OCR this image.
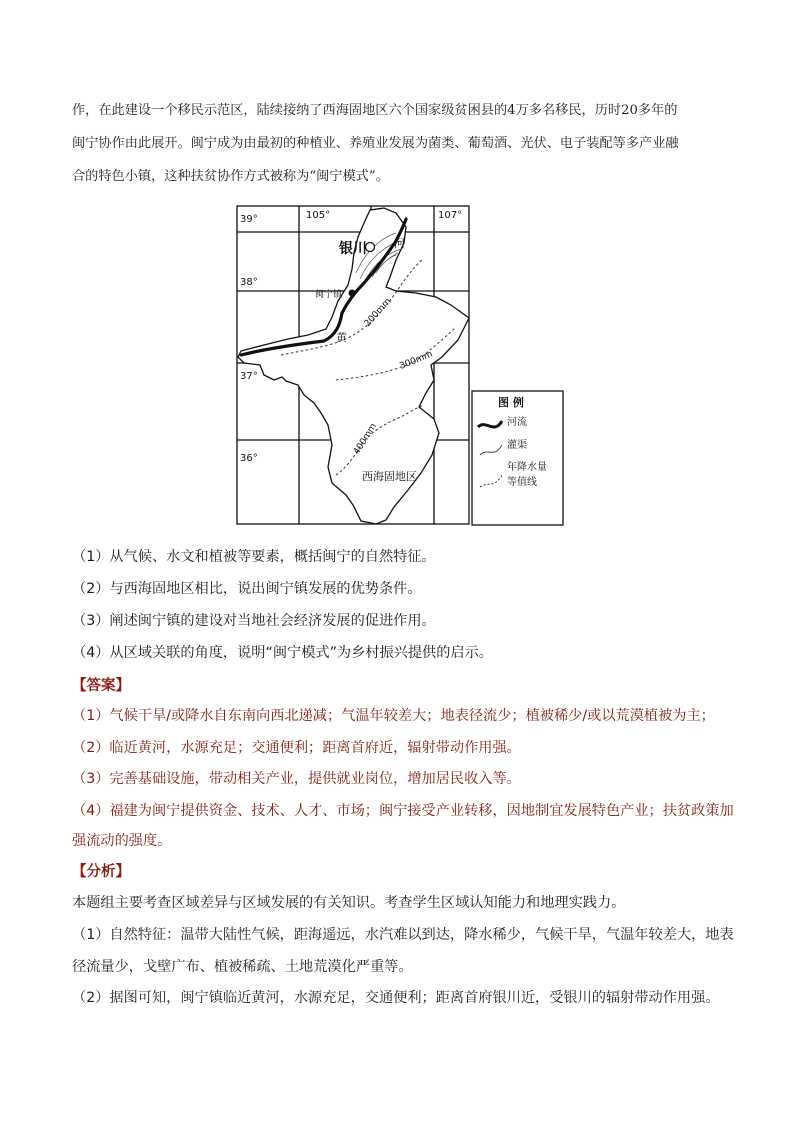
作，在此建设一个移民示范区，陆续接纳了西海固地区六个国家级贫困县的4万多名移民，历时20多年的

闽宁协作由此展开。闽宁成为由最初的种植业、养殖业发展为菌类、葡萄酒、光伏、电子装配等多产业融

合的特色小镇，这种扶贫协作方式被称为“闽宁模式”。

39°
38°
37°
36°
105°	107°
银川
闽宁镇
河
黄
200mm
300mm
400mm
西海固地区
图 例
河流
灌渠
年降水量
等值线
（1）从气候、水文和植被等要素，概括闽宁的自然特征。
（2）与西海固地区相比，说出闽宁镇发展的优势条件。
（3）阐述闽宁镇的建设对当地社会经济发展的促进作用。
（4）从区域关联的角度，说明“闽宁模式”为乡村振兴提供的启示。
【答案】
（1）气候干旱/或降水自东南向西北递减；气温年较差大；地表径流少；植被稀少/或以荒漠植被为主；
（2）临近黄河，水源充足；交通便利；距离首府近，辐射带动作用强。
（3）完善基础设施，带动相关产业，提供就业岗位，增加居民收入等。
（4）福建为闽宁提供资金、技术、人才、市场；闽宁接受产业转移，因地制宜发展特色产业；扶贫政策加
强流动的强度。
【分析】
本题组主要考查区域差异与区域发展的有关知识。考查学生区域认知能力和地理实践力。
（1）自然特征：温带大陆性气候，距海遥远，水汽难以到达，降水稀少，气候干旱，气温年较差大，地表
径流量少，戈壁广布、植被稀疏、土地荒漠化严重等。
（2）据图可知，闽宁镇临近黄河，水源充足，交通便利；距离首府银川近，受银川的辐射带动作用强。
